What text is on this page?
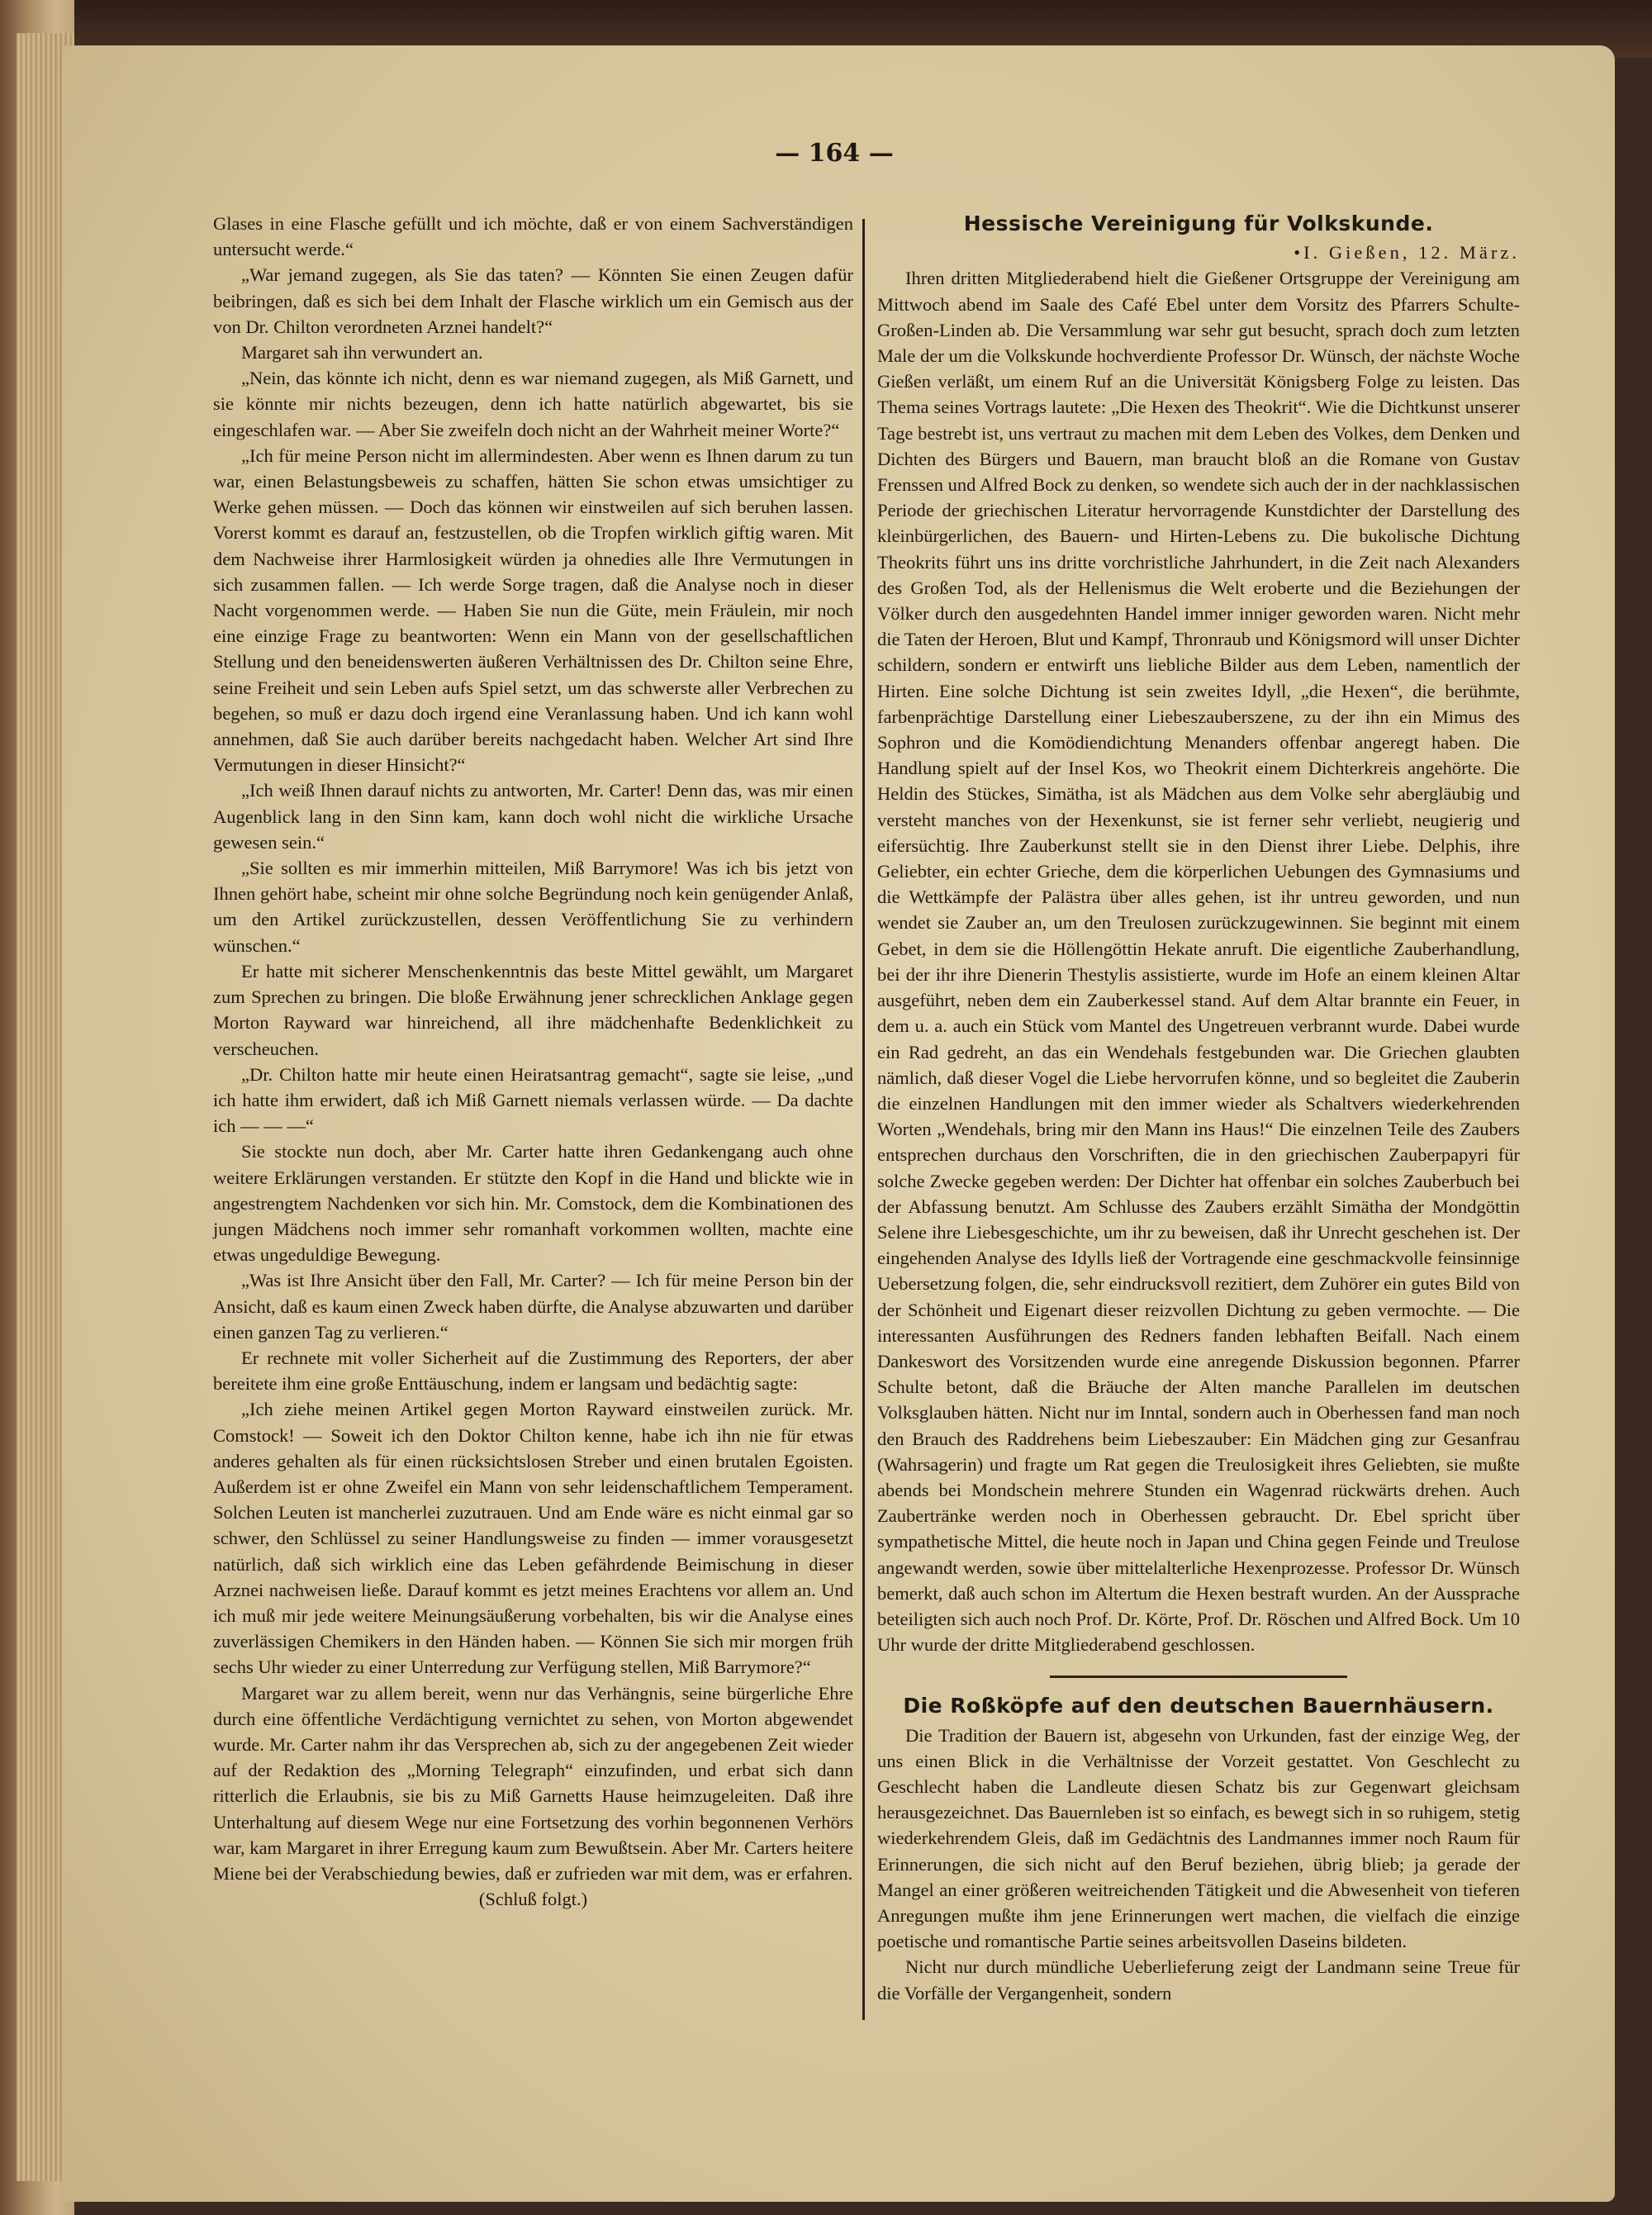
— 164 —

Glases in eine Flasche gefüllt und ich möchte, daß er von einem Sachverständigen untersucht werde.“

„War jemand zugegen, als Sie das taten? — Könnten Sie einen Zeugen dafür beibringen, daß es sich bei dem Inhalt der Flasche wirklich um ein Gemisch aus der von Dr. Chilton verordneten Arznei handelt?“

Margaret sah ihn verwundert an.

„Nein, das könnte ich nicht, denn es war niemand zugegen, als Miß Garnett, und sie könnte mir nichts bezeugen, denn ich hatte natürlich abgewartet, bis sie eingeschlafen war. — Aber Sie zweifeln doch nicht an der Wahrheit meiner Worte?“

„Ich für meine Person nicht im allermindesten. Aber wenn es Ihnen darum zu tun war, einen Belastungsbeweis zu schaffen, hätten Sie schon etwas umsichtiger zu Werke gehen müssen. — Doch das können wir einstweilen auf sich beruhen lassen. Vorerst kommt es darauf an, festzustellen, ob die Tropfen wirklich giftig waren. Mit dem Nachweise ihrer Harmlosigkeit würden ja ohnedies alle Ihre Vermutungen in sich zusammen fallen. — Ich werde Sorge tragen, daß die Analyse noch in dieser Nacht vorgenommen werde. — Haben Sie nun die Güte, mein Fräulein, mir noch eine einzige Frage zu beantworten: Wenn ein Mann von der gesellschaftlichen Stellung und den beneidenswerten äußeren Verhältnissen des Dr. Chilton seine Ehre, seine Freiheit und sein Leben aufs Spiel setzt, um das schwerste aller Verbrechen zu begehen, so muß er dazu doch irgend eine Veranlassung haben. Und ich kann wohl annehmen, daß Sie auch darüber bereits nachgedacht haben. Welcher Art sind Ihre Vermutungen in dieser Hinsicht?“

„Ich weiß Ihnen darauf nichts zu antworten, Mr. Carter! Denn das, was mir einen Augenblick lang in den Sinn kam, kann doch wohl nicht die wirkliche Ursache gewesen sein.“

„Sie sollten es mir immerhin mitteilen, Miß Barrymore! Was ich bis jetzt von Ihnen gehört habe, scheint mir ohne solche Begründung noch kein genügender Anlaß, um den Artikel zurückzustellen, dessen Veröffentlichung Sie zu verhindern wünschen.“

Er hatte mit sicherer Menschenkenntnis das beste Mittel gewählt, um Margaret zum Sprechen zu bringen. Die bloße Erwähnung jener schrecklichen Anklage gegen Morton Rayward war hinreichend, all ihre mädchenhafte Bedenklichkeit zu verscheuchen.

„Dr. Chilton hatte mir heute einen Heiratsantrag gemacht“, sagte sie leise, „und ich hatte ihm erwidert, daß ich Miß Garnett niemals verlassen würde. — Da dachte ich — — —“

Sie stockte nun doch, aber Mr. Carter hatte ihren Gedankengang auch ohne weitere Erklärungen verstanden. Er stützte den Kopf in die Hand und blickte wie in angestrengtem Nachdenken vor sich hin. Mr. Comstock, dem die Kombinationen des jungen Mädchens noch immer sehr romanhaft vorkommen wollten, machte eine etwas ungeduldige Bewegung.

„Was ist Ihre Ansicht über den Fall, Mr. Carter? — Ich für meine Person bin der Ansicht, daß es kaum einen Zweck haben dürfte, die Analyse abzuwarten und darüber einen ganzen Tag zu verlieren.“

Er rechnete mit voller Sicherheit auf die Zustimmung des Reporters, der aber bereitete ihm eine große Enttäuschung, indem er langsam und bedächtig sagte:

„Ich ziehe meinen Artikel gegen Morton Rayward einstweilen zurück. Mr. Comstock! — Soweit ich den Doktor Chilton kenne, habe ich ihn nie für etwas anderes gehalten als für einen rücksichtslosen Streber und einen brutalen Egoisten. Außerdem ist er ohne Zweifel ein Mann von sehr leidenschaftlichem Temperament. Solchen Leuten ist mancherlei zuzutrauen. Und am Ende wäre es nicht einmal gar so schwer, den Schlüssel zu seiner Handlungsweise zu finden — immer vorausgesetzt natürlich, daß sich wirklich eine das Leben gefährdende Beimischung in dieser Arznei nachweisen ließe. Darauf kommt es jetzt meines Erachtens vor allem an. Und ich muß mir jede weitere Meinungsäußerung vorbehalten, bis wir die Analyse eines zuverlässigen Chemikers in den Händen haben. — Können Sie sich mir morgen früh sechs Uhr wieder zu einer Unterredung zur Verfügung stellen, Miß Barrymore?“

Margaret war zu allem bereit, wenn nur das Verhängnis, seine bürgerliche Ehre durch eine öffentliche Verdächtigung vernichtet zu sehen, von Morton abgewendet wurde. Mr. Carter nahm ihr das Versprechen ab, sich zu der angegebenen Zeit wieder auf der Redaktion des „Morning Telegraph“ einzufinden, und erbat sich dann ritterlich die Erlaubnis, sie bis zu Miß Garnetts Hause heimzugeleiten. Daß ihre Unterhaltung auf diesem Wege nur eine Fortsetzung des vorhin begonnenen Verhörs war, kam Margaret in ihrer Erregung kaum zum Bewußtsein. Aber Mr. Carters heitere Miene bei der Verabschiedung bewies, daß er zufrieden war mit dem, was er erfahren.

(Schluß folgt.)

Hessische Vereinigung für Volkskunde.

•I. Gießen, 12. März.

Ihren dritten Mitgliederabend hielt die Gießener Ortsgruppe der Vereinigung am Mittwoch abend im Saale des Café Ebel unter dem Vorsitz des Pfarrers Schulte-Großen-Linden ab. Die Versammlung war sehr gut besucht, sprach doch zum letzten Male der um die Volkskunde hochverdiente Professor Dr. Wünsch, der nächste Woche Gießen verläßt, um einem Ruf an die Universität Königsberg Folge zu leisten. Das Thema seines Vortrags lautete: „Die Hexen des Theokrit“. Wie die Dichtkunst unserer Tage bestrebt ist, uns vertraut zu machen mit dem Leben des Volkes, dem Denken und Dichten des Bürgers und Bauern, man braucht bloß an die Romane von Gustav Frenssen und Alfred Bock zu denken, so wendete sich auch der in der nachklassischen Periode der griechischen Literatur hervorragende Kunstdichter der Darstellung des kleinbürgerlichen, des Bauern- und Hirten-Lebens zu. Die bukolische Dichtung Theokrits führt uns ins dritte vorchristliche Jahrhundert, in die Zeit nach Alexanders des Großen Tod, als der Hellenismus die Welt eroberte und die Beziehungen der Völker durch den ausgedehnten Handel immer inniger geworden waren. Nicht mehr die Taten der Heroen, Blut und Kampf, Thronraub und Königsmord will unser Dichter schildern, sondern er entwirft uns liebliche Bilder aus dem Leben, namentlich der Hirten. Eine solche Dichtung ist sein zweites Idyll, „die Hexen“, die berühmte, farbenprächtige Darstellung einer Liebeszauberszene, zu der ihn ein Mimus des Sophron und die Komödiendichtung Menanders offenbar angeregt haben. Die Handlung spielt auf der Insel Kos, wo Theokrit einem Dichterkreis angehörte. Die Heldin des Stückes, Simätha, ist als Mädchen aus dem Volke sehr abergläubig und versteht manches von der Hexenkunst, sie ist ferner sehr verliebt, neugierig und eifersüchtig. Ihre Zauberkunst stellt sie in den Dienst ihrer Liebe. Delphis, ihre Geliebter, ein echter Grieche, dem die körperlichen Uebungen des Gymnasiums und die Wettkämpfe der Palästra über alles gehen, ist ihr untreu geworden, und nun wendet sie Zauber an, um den Treulosen zurückzugewinnen. Sie beginnt mit einem Gebet, in dem sie die Höllengöttin Hekate anruft. Die eigentliche Zauberhandlung, bei der ihr ihre Dienerin Thestylis assistierte, wurde im Hofe an einem kleinen Altar ausgeführt, neben dem ein Zauberkessel stand. Auf dem Altar brannte ein Feuer, in dem u. a. auch ein Stück vom Mantel des Ungetreuen verbrannt wurde. Dabei wurde ein Rad gedreht, an das ein Wendehals festgebunden war. Die Griechen glaubten nämlich, daß dieser Vogel die Liebe hervorrufen könne, und so begleitet die Zauberin die einzelnen Handlungen mit den immer wieder als Schaltvers wiederkehrenden Worten „Wendehals, bring mir den Mann ins Haus!“ Die einzelnen Teile des Zaubers entsprechen durchaus den Vorschriften, die in den griechischen Zauberpapyri für solche Zwecke gegeben werden: Der Dichter hat offenbar ein solches Zauberbuch bei der Abfassung benutzt. Am Schlusse des Zaubers erzählt Simätha der Mondgöttin Selene ihre Liebesgeschichte, um ihr zu beweisen, daß ihr Unrecht geschehen ist. Der eingehenden Analyse des Idylls ließ der Vortragende eine geschmackvolle feinsinnige Uebersetzung folgen, die, sehr eindrucksvoll rezitiert, dem Zuhörer ein gutes Bild von der Schönheit und Eigenart dieser reizvollen Dichtung zu geben vermochte. — Die interessanten Ausführungen des Redners fanden lebhaften Beifall. Nach einem Dankeswort des Vorsitzenden wurde eine anregende Diskussion begonnen. Pfarrer Schulte betont, daß die Bräuche der Alten manche Parallelen im deutschen Volksglauben hätten. Nicht nur im Inntal, sondern auch in Oberhessen fand man noch den Brauch des Raddrehens beim Liebeszauber: Ein Mädchen ging zur Gesanfrau (Wahrsagerin) und fragte um Rat gegen die Treulosigkeit ihres Geliebten, sie mußte abends bei Mondschein mehrere Stunden ein Wagenrad rückwärts drehen. Auch Zaubertränke werden noch in Oberhessen gebraucht. Dr. Ebel spricht über sympathetische Mittel, die heute noch in Japan und China gegen Feinde und Treulose angewandt werden, sowie über mittelalterliche Hexenprozesse. Professor Dr. Wünsch bemerkt, daß auch schon im Altertum die Hexen bestraft wurden. An der Aussprache beteiligten sich auch noch Prof. Dr. Körte, Prof. Dr. Röschen und Alfred Bock. Um 10 Uhr wurde der dritte Mitgliederabend geschlossen.

Die Roßköpfe auf den deutschen Bauernhäusern.

Die Tradition der Bauern ist, abgesehn von Urkunden, fast der einzige Weg, der uns einen Blick in die Verhältnisse der Vorzeit gestattet. Von Geschlecht zu Geschlecht haben die Landleute diesen Schatz bis zur Gegenwart gleichsam herausgezeichnet. Das Bauernleben ist so einfach, es bewegt sich in so ruhigem, stetig wiederkehrendem Gleis, daß im Gedächtnis des Landmannes immer noch Raum für Erinnerungen, die sich nicht auf den Beruf beziehen, übrig blieb; ja gerade der Mangel an einer größeren weitreichenden Tätigkeit und die Abwesenheit von tieferen Anregungen mußte ihm jene Erinnerungen wert machen, die vielfach die einzige poetische und romantische Partie seines arbeitsvollen Daseins bildeten.

Nicht nur durch mündliche Ueberlieferung zeigt der Landmann seine Treue für die Vorfälle der Vergangenheit, sondern
